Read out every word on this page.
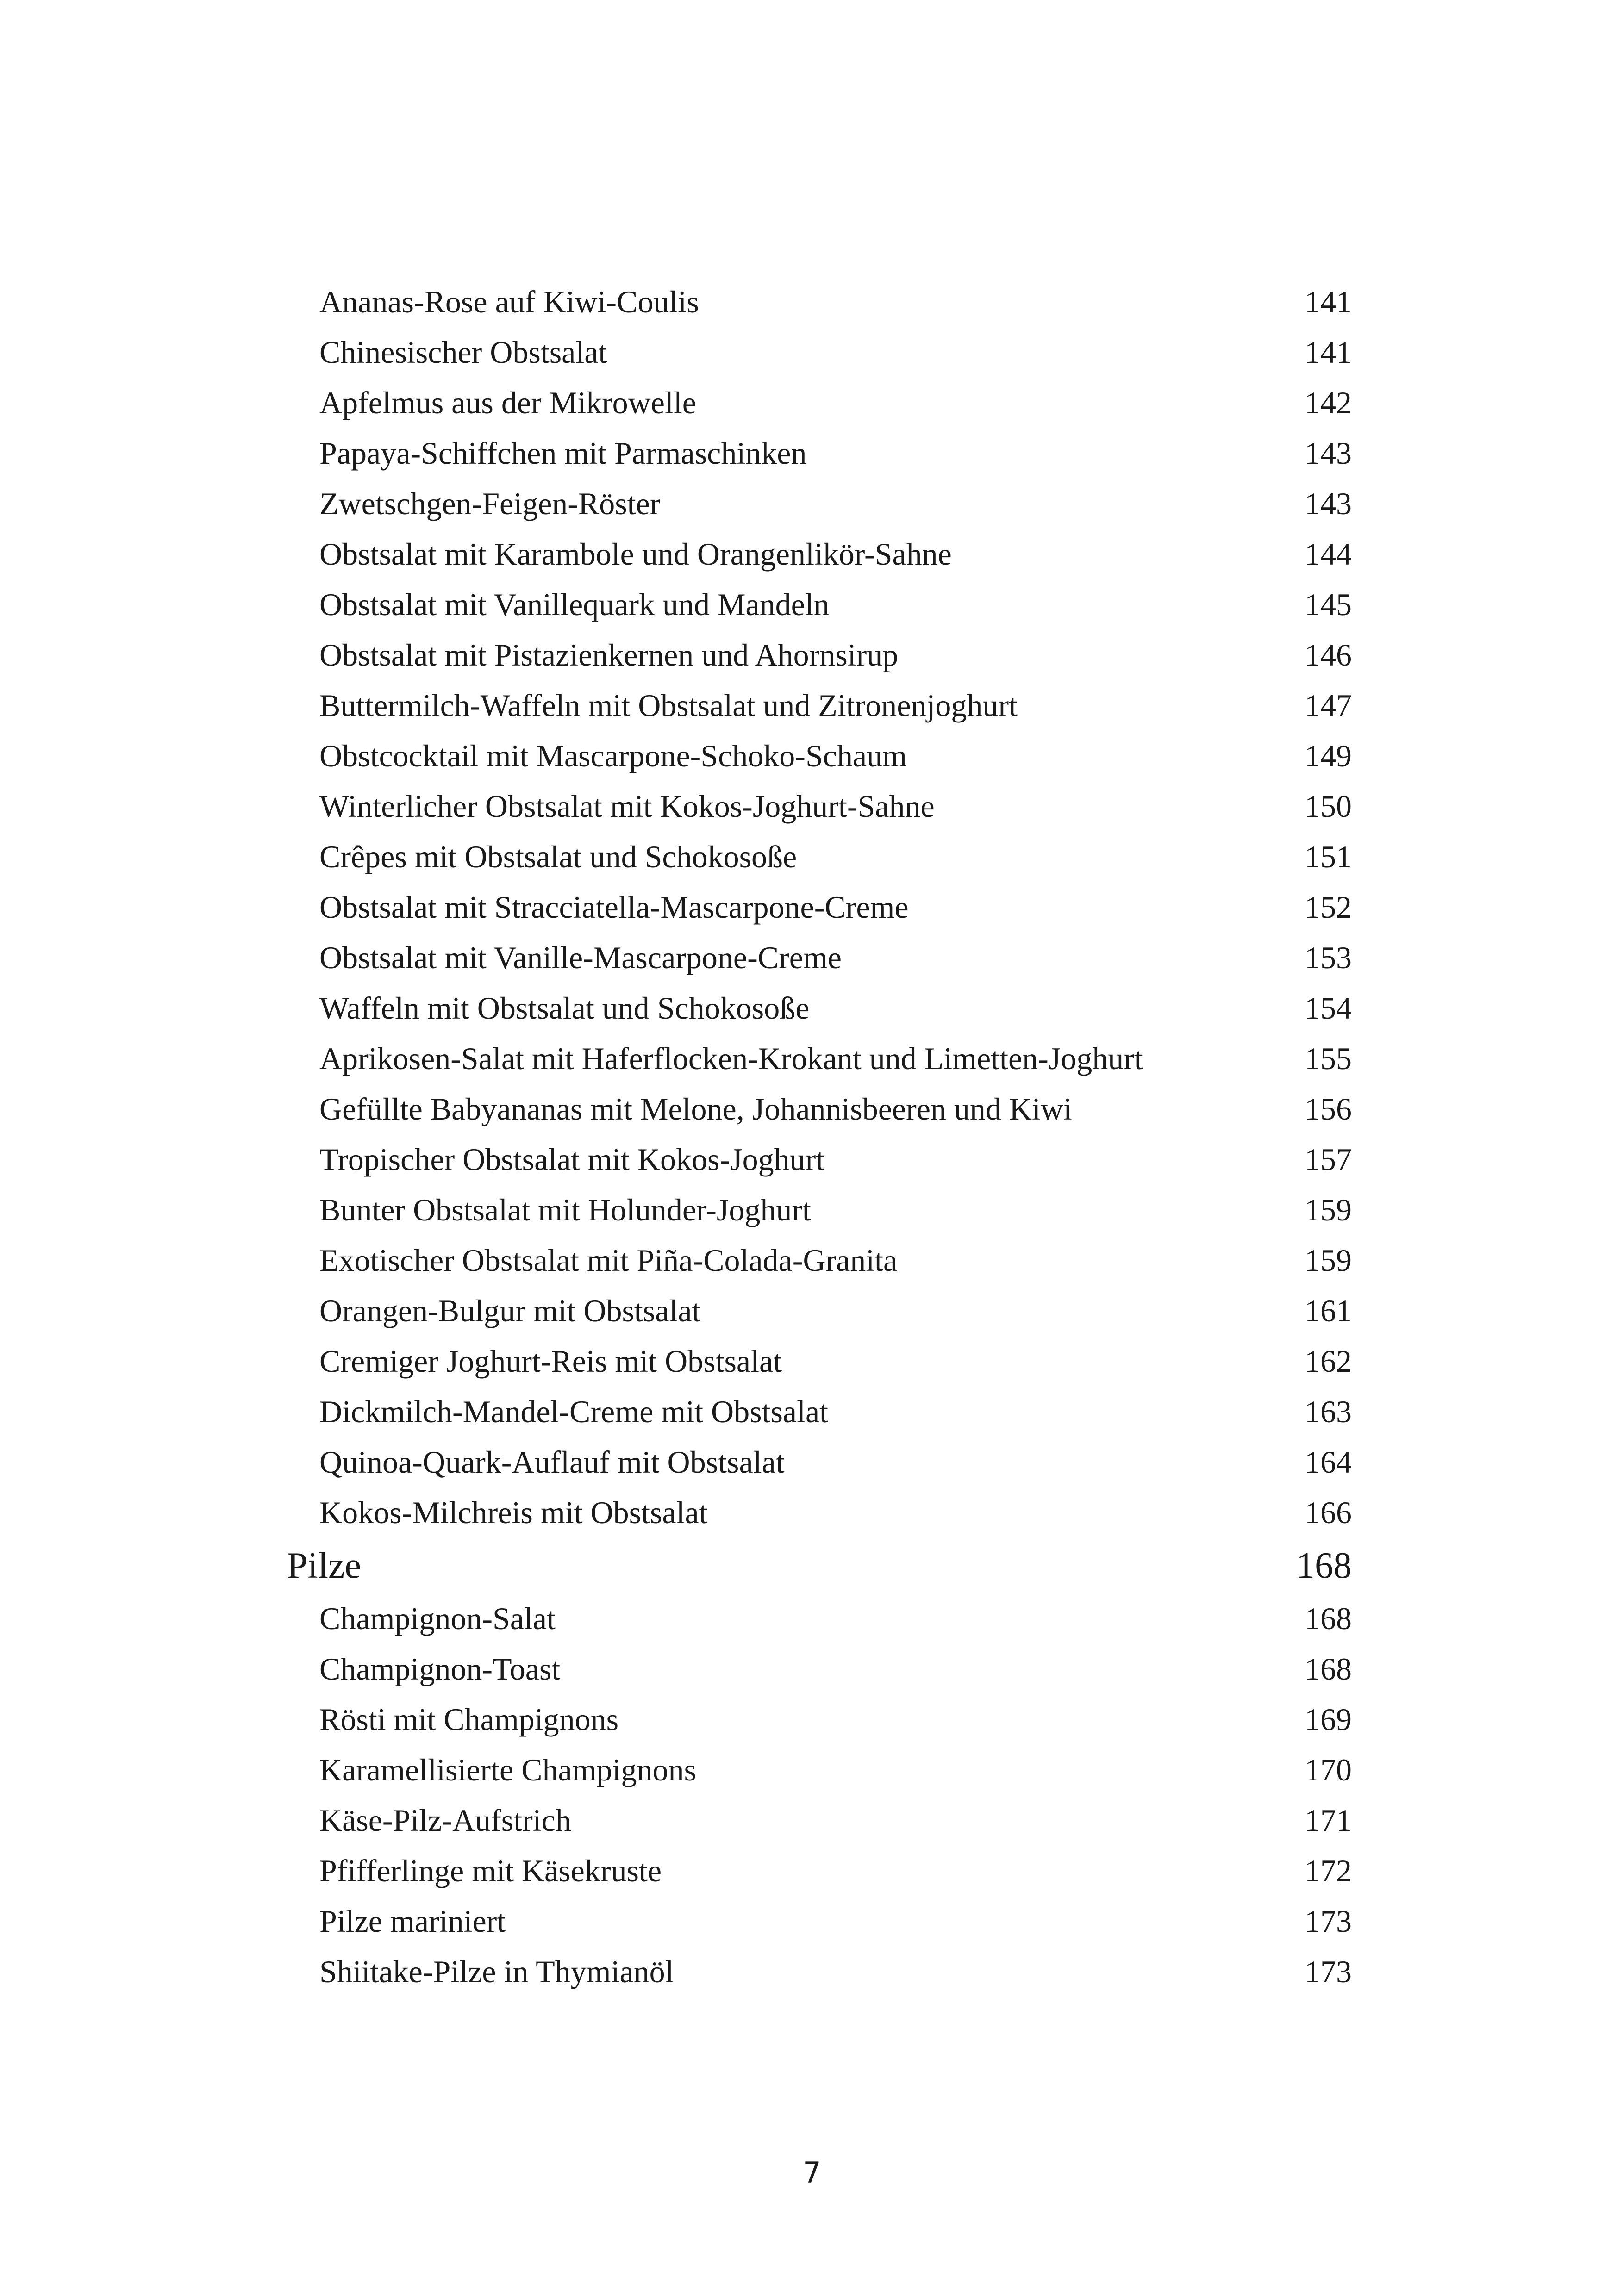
Ananas-Rose auf Kiwi-Coulis	141
Chinesischer Obstsalat	141
Apfelmus aus der Mikrowelle	142
Papaya-Schiffchen mit Parmaschinken	143
Zwetschgen-Feigen-Röster	143
Obstsalat mit Karambole und Orangenlikör-Sahne	144
Obstsalat mit Vanillequark und Mandeln	145
Obstsalat mit Pistazienkernen und Ahornsirup	146
Buttermilch-Waffeln mit Obstsalat und Zitronenjoghurt	147
Obstcocktail mit Mascarpone-Schoko-Schaum	149
Winterlicher Obstsalat mit Kokos-Joghurt-Sahne	150
Crêpes mit Obstsalat und Schokosoße	151
Obstsalat mit Stracciatella-Mascarpone-Creme	152
Obstsalat mit Vanille-Mascarpone-Creme	153
Waffeln mit Obstsalat und Schokosoße	154
Aprikosen-Salat mit Haferflocken-Krokant und Limetten-Joghurt	155
Gefüllte Babyananas mit Melone, Johannisbeeren und Kiwi	156
Tropischer Obstsalat mit Kokos-Joghurt	157
Bunter Obstsalat mit Holunder-Joghurt	159
Exotischer Obstsalat mit Piña-Colada-Granita	159
Orangen-Bulgur mit Obstsalat	161
Cremiger Joghurt-Reis mit Obstsalat	162
Dickmilch-Mandel-Creme mit Obstsalat	163
Quinoa-Quark-Auflauf mit Obstsalat	164
Kokos-Milchreis mit Obstsalat	166
Pilze	168
Champignon-Salat	168
Champignon-Toast	168
Rösti mit Champignons	169
Karamellisierte Champignons	170
Käse-Pilz-Aufstrich	171
Pfifferlinge mit Käsekruste	172
Pilze mariniert	173
Shiitake-Pilze in Thymianöl	173
7
